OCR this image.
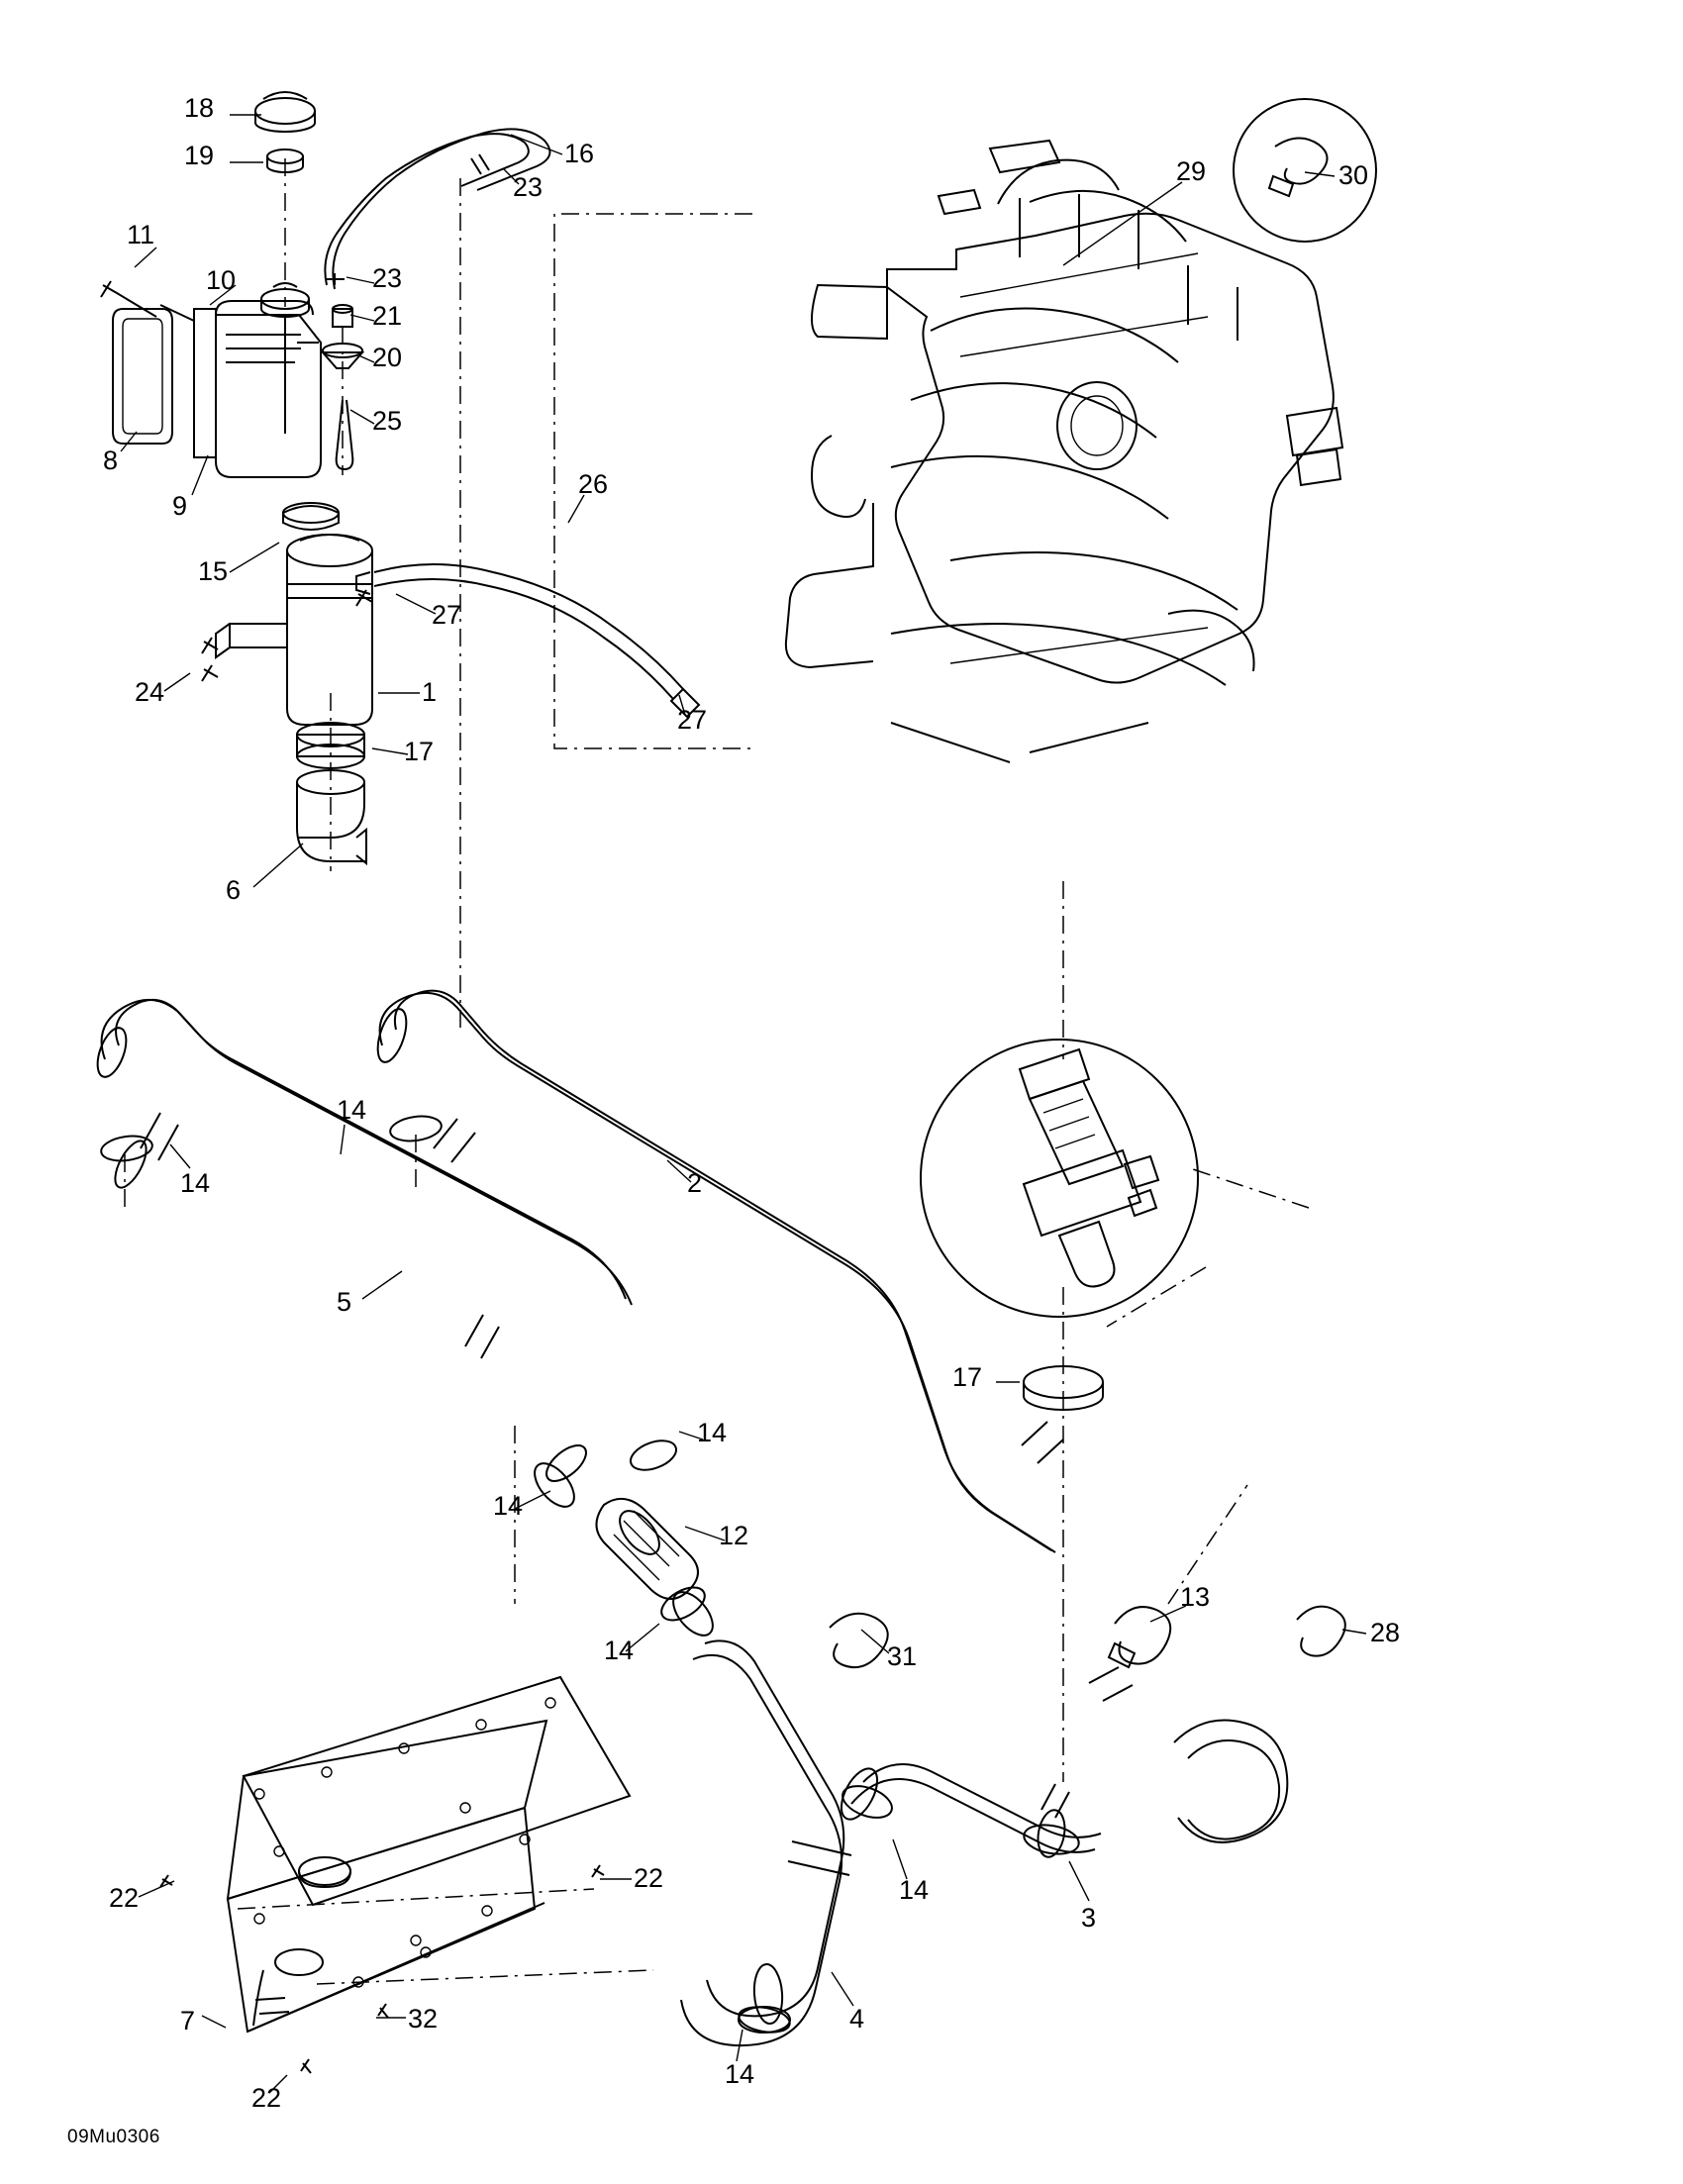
18
19	16
23
11
10	23
21
20
25
8
9
26
15
27
24	1
27
17
6
29	30
14
14	2
5
17
14
14
12
14
13
28
31
22
22	14
3
7	32
14
4
22
09Mu0306
